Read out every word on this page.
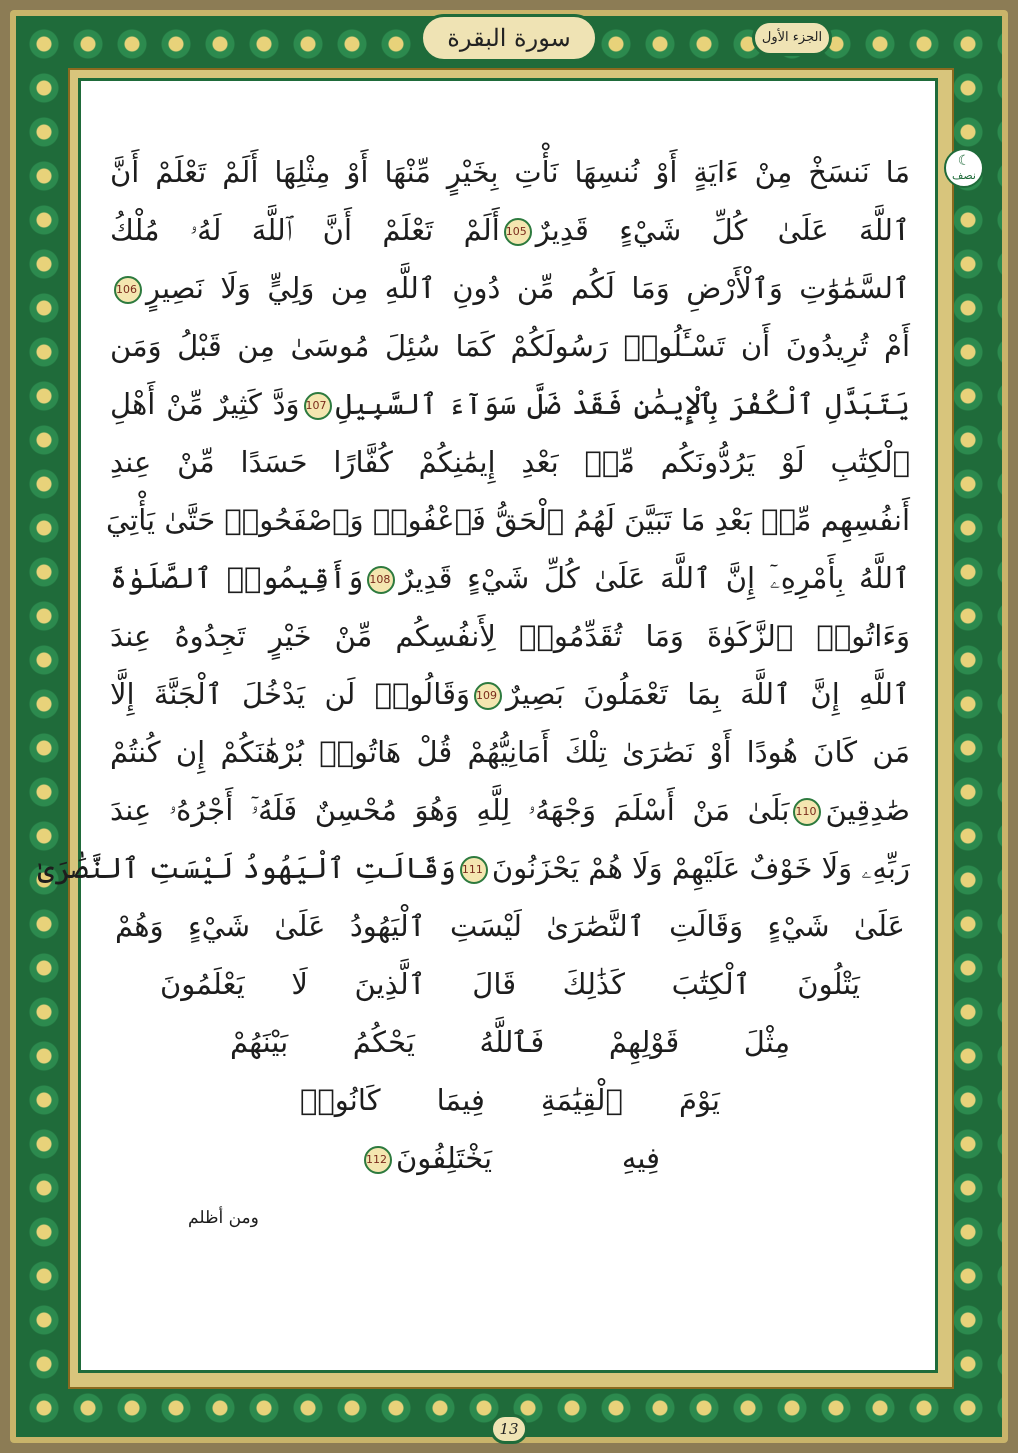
سورة البقرة	الجزء الأول
☾
نصف
مَا نَنسَخْ مِنْ ءَايَةٍ أَوْ نُنسِهَا نَأْتِ بِخَيْرٍ مِّنْهَا أَوْ مِثْلِهَا أَلَمْ تَعْلَمْ أَنَّ
ٱللَّهَ عَلَىٰ كُلِّ شَيْءٍ قَدِيرٌ105أَلَمْ تَعْلَمْ أَنَّ ٱللَّهَ لَهُۥ مُلْكُ
ٱلسَّمَٰوَٰتِ وَٱلْأَرْضِ وَمَا لَكُم مِّن دُونِ ٱللَّهِ مِن وَلِيٍّ وَلَا نَصِيرٍ106
أَمْ تُرِيدُونَ أَن تَسْـَٔلُوا۟ رَسُولَكُمْ كَمَا سُئِلَ مُوسَىٰ مِن قَبْلُ وَمَن
يَتَبَدَّلِ ٱلْكُفْرَ بِٱلْإِيمَٰنِ فَقَدْ ضَلَّ سَوَآءَ ٱلسَّبِيلِ107وَدَّ كَثِيرٌ مِّنْ أَهْلِ
ٱلْكِتَٰبِ لَوْ يَرُدُّونَكُم مِّنۢ بَعْدِ إِيمَٰنِكُمْ كُفَّارًا حَسَدًا مِّنْ عِندِ
أَنفُسِهِم مِّنۢ بَعْدِ مَا تَبَيَّنَ لَهُمُ ٱلْحَقُّ فَٱعْفُوا۟ وَٱصْفَحُوا۟ حَتَّىٰ يَأْتِيَ
ٱللَّهُ بِأَمْرِهِۦٓ إِنَّ ٱللَّهَ عَلَىٰ كُلِّ شَيْءٍ قَدِيرٌ108وَأَقِيمُوا۟ ٱلصَّلَوٰةَ
وَءَاتُوا۟ ٱلزَّكَوٰةَ وَمَا تُقَدِّمُوا۟ لِأَنفُسِكُم مِّنْ خَيْرٍ تَجِدُوهُ عِندَ
ٱللَّهِ إِنَّ ٱللَّهَ بِمَا تَعْمَلُونَ بَصِيرٌ109وَقَالُوا۟ لَن يَدْخُلَ ٱلْجَنَّةَ إِلَّا
مَن كَانَ هُودًا أَوْ نَصَٰرَىٰ تِلْكَ أَمَانِيُّهُمْ قُلْ هَاتُوا۟ بُرْهَٰنَكُمْ إِن كُنتُمْ
صَٰدِقِينَ110بَلَىٰ مَنْ أَسْلَمَ وَجْهَهُۥ لِلَّهِ وَهُوَ مُحْسِنٌ فَلَهُۥٓ أَجْرُهُۥ عِندَ
رَبِّهِۦ وَلَا خَوْفٌ عَلَيْهِمْ وَلَا هُمْ يَحْزَنُونَ111وَقَالَتِ ٱلْيَهُودُ لَيْسَتِ ٱلنَّصَٰرَىٰ
عَلَىٰ شَيْءٍ وَقَالَتِ ٱلنَّصَٰرَىٰ لَيْسَتِ ٱلْيَهُودُ عَلَىٰ شَيْءٍ وَهُمْ
يَتْلُونَ ٱلْكِتَٰبَ كَذَٰلِكَ قَالَ ٱلَّذِينَ لَا يَعْلَمُونَ
مِثْلَ قَوْلِهِمْ فَٱللَّهُ يَحْكُمُ بَيْنَهُمْ
يَوْمَ ٱلْقِيَٰمَةِ فِيمَا كَانُوا۟
فِيهِ يَخْتَلِفُونَ112
ومن أظلم
13
